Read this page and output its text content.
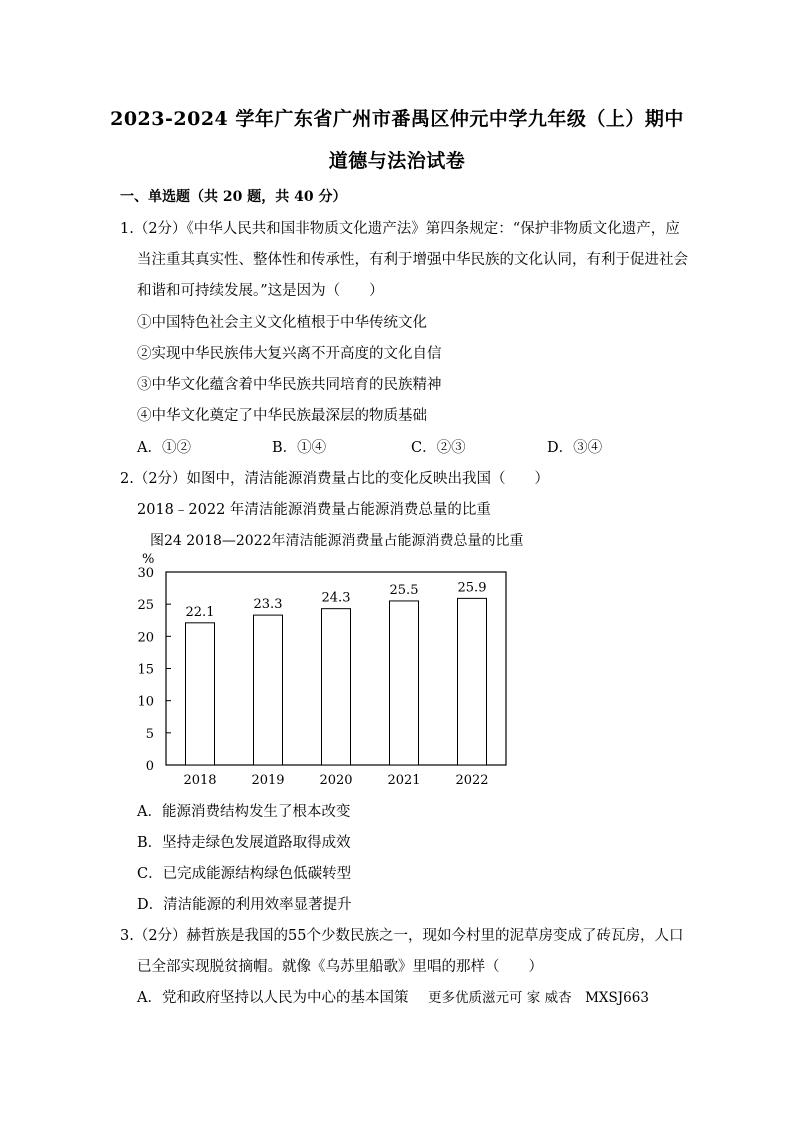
2023-2024 学年广东省广州市番禺区仲元中学九年级（上）期中
道德与法治试卷
一、单选题（共 20 题，共 40 分）
1.（2分）《中华人民共和国非物质文化遗产法》第四条规定：“保护非物质文化遗产，应
当注重其真实性、整体性和传承性，有利于增强中华民族的文化认同，有利于促进社会
和谐和可持续发展。”这是因为（　　）
①中国特色社会主义文化植根于中华传统文化
②实现中华民族伟大复兴离不开高度的文化自信
③中华文化蕴含着中华民族共同培育的民族精神
④中华文化奠定了中华民族最深层的物质基础
A．①②	B．①④	C．②③	D．③④
2.（2分）如图中，清洁能源消费量占比的变化反映出我国（　　）
2018﹣2022 年清洁能源消费量占能源消费总量的比重
图24 2018—2022年清洁能源消费量占能源消费总量的比重
%
0
5
10
15
20
25
30
22.1
2018
23.3
2019
24.3
2020
25.5
2021
25.9
2022
A．能源消费结构发生了根本改变
B．坚持走绿色发展道路取得成效
C．已完成能源结构绿色低碳转型
D．清洁能源的利用效率显著提升
3.（2分）赫哲族是我国的55个少数民族之一，现如今村里的泥草房变成了砖瓦房，人口
已全部实现脱贫摘帽。就像《乌苏里船歌》里唱的那样（　　）
A．党和政府坚持以人民为中心的基本国策 更多优质滋元可 家 威杏　MXSJ663
